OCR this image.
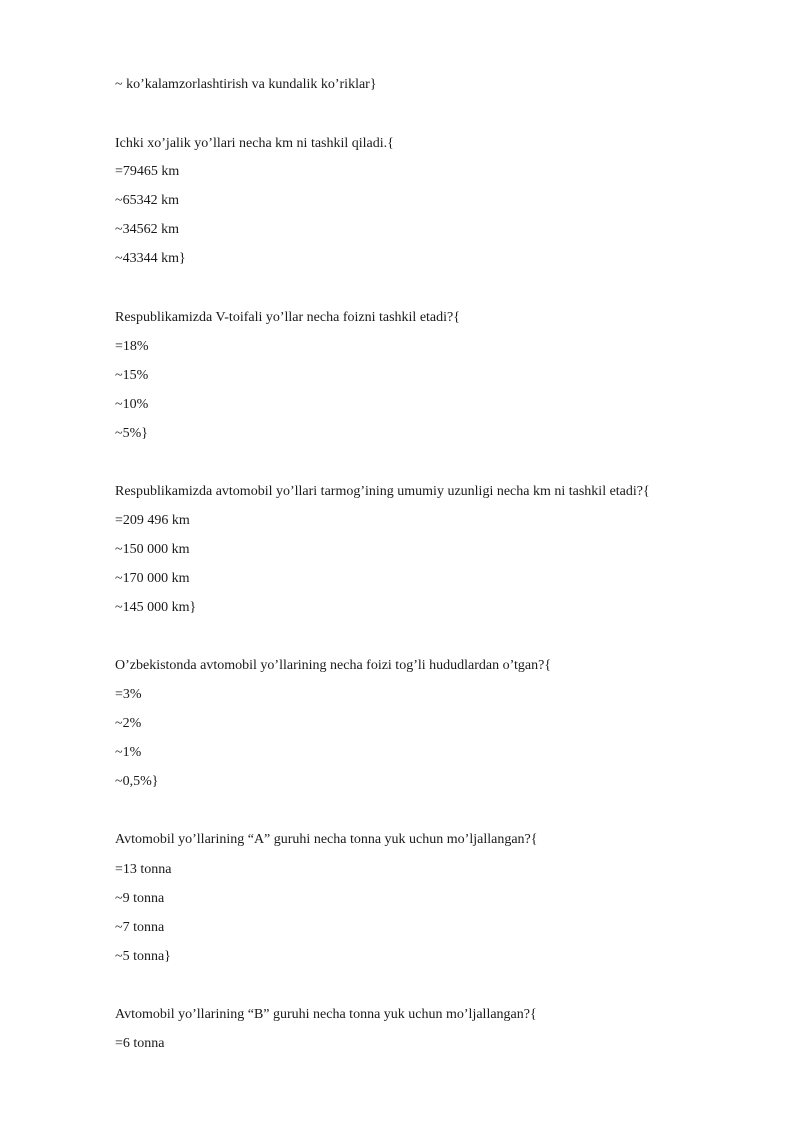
~ ko’kalamzorlashtirish va kundalik ko’riklar}
Ichki xo’jalik yo’llari necha km ni tashkil qiladi.{
=79465 km
~65342 km
~34562 km
~43344 km}
Respublikamizda V-toifali yo’llar necha foizni tashkil etadi?{
=18%
~15%
~10%
~5%}
Respublikamizda avtomobil yo’llari tarmog’ining umumiy uzunligi necha km ni tashkil etadi?{
=209 496 km
~150 000 km
~170 000 km
~145 000 km}
O’zbekistonda avtomobil yo’llarining necha foizi tog’li hududlardan o’tgan?{
=3%
~2%
~1%
~0,5%}
Avtomobil yo’llarining “A” guruhi necha tonna yuk uchun mo’ljallangan?{
=13 tonna
~9 tonna
~7 tonna
~5 tonna}
Avtomobil yo’llarining “B” guruhi necha tonna yuk uchun mo’ljallangan?{
=6 tonna
